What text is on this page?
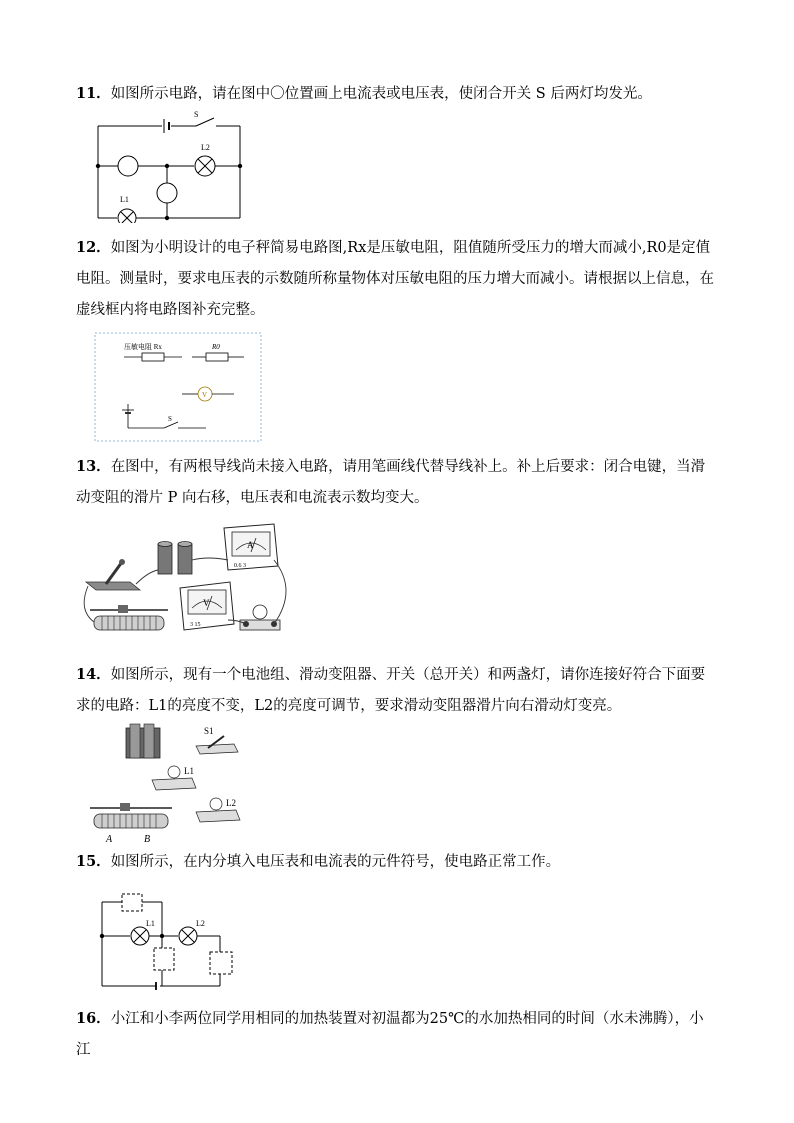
11．如图所示电路，请在图中〇位置画上电流表或电压表，使闭合开关 S 后两灯均发光。
S
L2
L1
12．如图为小明设计的电子秤简易电路图,Rx是压敏电阻，阻值随所受压力的增大而减小,R0是定值电阻。测量时，要求电压表的示数随所称量物体对压敏电阻的压力增大而减小。请根据以上信息，在虚线框内将电路图补充完整。
压敏电阻 Rx	R0
V
S
13．在图中，有两根导线尚未接入电路，请用笔画线代替导线补上。补上后要求：闭合电键，当滑动变阻的滑片 P 向右移，电压表和电流表示数均变大。
A
0.6 3
V
3 15
14．如图所示，现有一个电池组、滑动变阻器、开关（总开关）和两盏灯，请你连接好符合下面要求的电路：L1的亮度不变，L2的亮度可调节，要求滑动变阻器滑片向右滑动灯变亮。
S1
L1
L2
A	B
15．如图所示，在内分填入电压表和电流表的元件符号，使电路正常工作。
L1	L2
16．小江和小李两位同学用相同的加热装置对初温都为25℃的水加热相同的时间（水未沸腾），小江
